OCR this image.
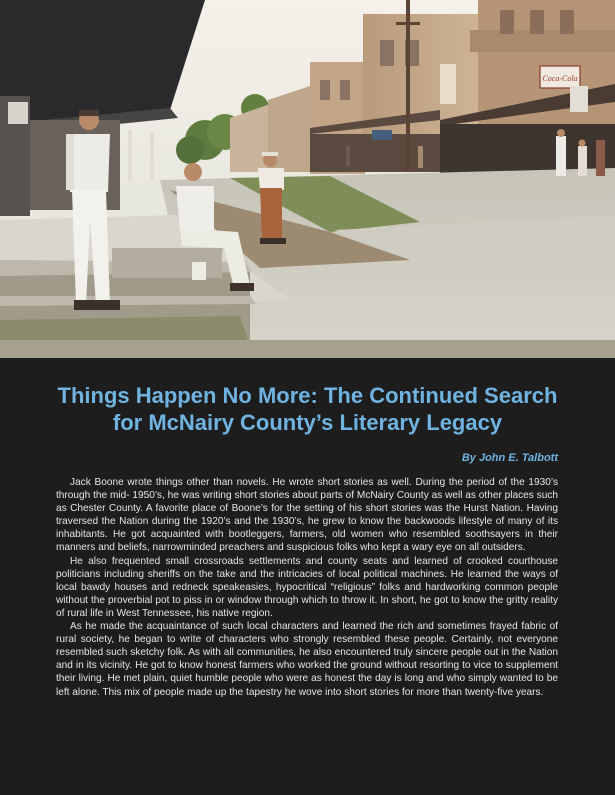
Coca-Cola
Things Happen No More: The Continued Search for McNairy County’s Literary Legacy
By John E. Talbott

Jack Boone wrote things other than novels. He wrote short stories as well. During the period of the 1930’s through the mid- 1950’s, he was writing short stories about parts of McNairy County as well as other places such as Chester County. A favorite place of Boone’s for the setting of his short stories was the Hurst Nation. Having traversed the Nation during the 1920’s and the 1930’s, he grew to know the backwoods lifestyle of many of its inhabitants. He got acquainted with bootleggers, farmers, old women who resembled soothsayers in their manners and beliefs, narrowminded preachers and suspicious folks who kept a wary eye on all outsiders.

He also frequented small crossroads settlements and county seats and learned of crooked courthouse politicians including sheriffs on the take and the intricacies of local political machines. He learned the ways of local bawdy houses and redneck speakeasies, hypocritical “religious” folks and hardworking common people without the proverbial pot to piss in or window through which to throw it. In short, he got to know the gritty reality of rural life in West Tennessee, his native region.

As he made the acquaintance of such local characters and learned the rich and sometimes frayed fabric of rural society, he began to write of characters who strongly resembled these people. Certainly, not everyone resembled such sketchy folk. As with all communities, he also encountered truly sincere people out in the Nation and in its vicinity. He got to know honest farmers who worked the ground without resorting to vice to supplement their living. He met plain, quiet humble people who were as honest the day is long and who simply wanted to be left alone. This mix of people made up the tapestry he wove into short stories for more than twenty-five years.
